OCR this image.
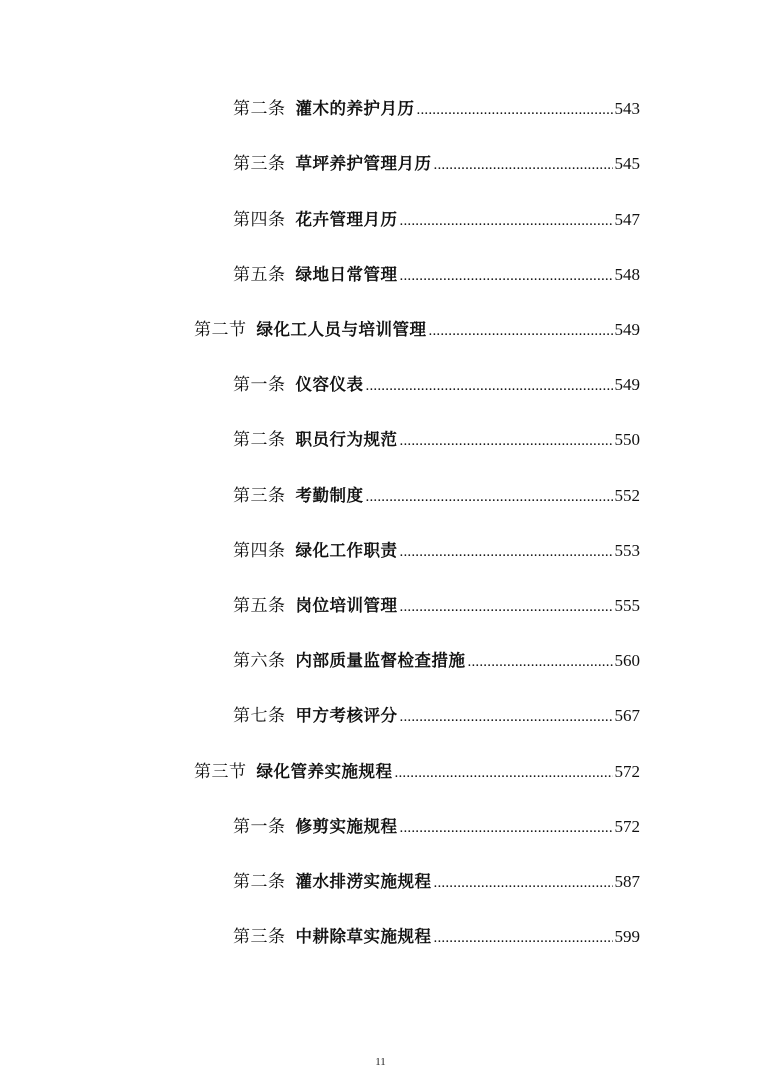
第二条 灌木的养护月历 .....	543
第三条 草坪养护管理月历 .....	545
第四条 花卉管理月历 .....	547
第五条 绿地日常管理 .....	548
第二节 绿化工人员与培训管理 .....	549
第一条 仪容仪表 .....	549
第二条 职员行为规范 .....	550
第三条 考勤制度 .....	552
第四条 绿化工作职责 .....	553
第五条 岗位培训管理 .....	555
第六条 内部质量监督检查措施 .....	560
第七条 甲方考核评分 .....	567
第三节 绿化管养实施规程 .....	572
第一条 修剪实施规程 .....	572
第二条 灌水排涝实施规程 .....	587
第三条 中耕除草实施规程 .....	599
11
